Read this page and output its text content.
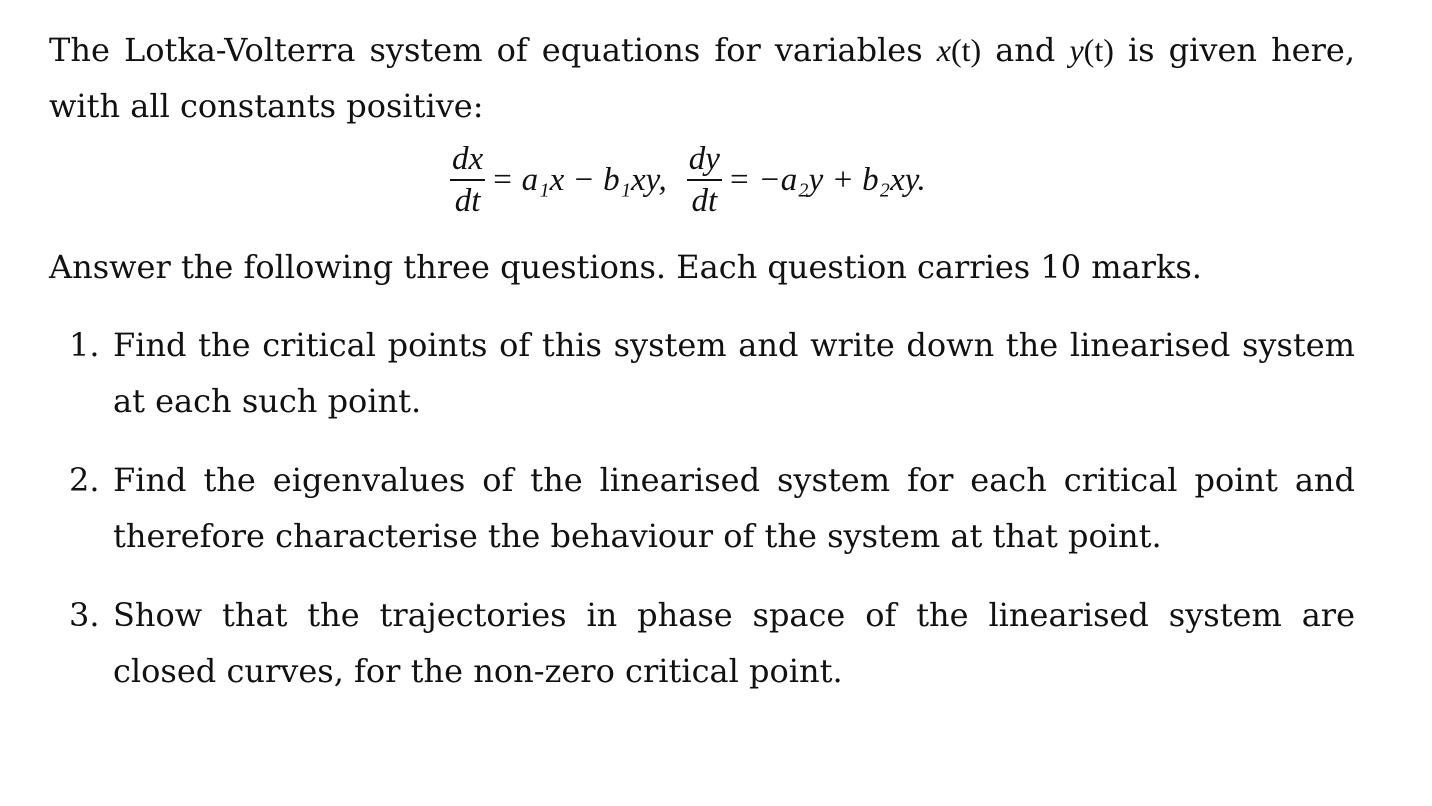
The Lotka-Volterra system of equations for variables x(t) and y(t) is given here, with all constants positive:

$\frac{dx}{dt} = a_1x - b_1xy$, $\frac{dy}{dt} = -a_2y + b_2xy$.

Answer the following three questions. Each question carries 10 marks.

1. Find the critical points of this system and write down the linearised system at each such point.
2. Find the eigenvalues of the linearised system for each critical point and therefore characterise the behaviour of the system at that point.
3. Show that the trajectories in phase space of the linearised system are closed curves, for the non-zero critical point.
